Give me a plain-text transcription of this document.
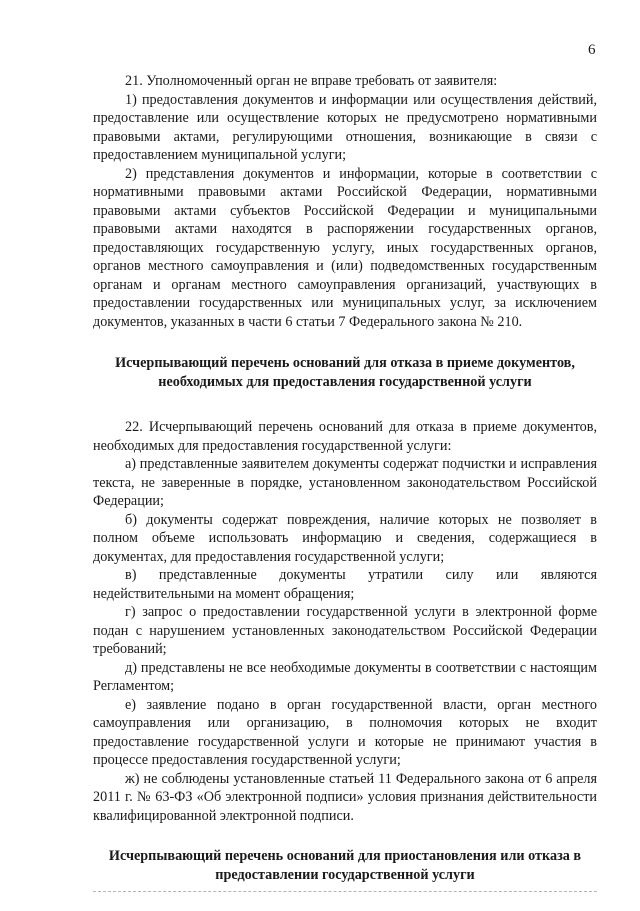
6

21. Уполномоченный орган не вправе требовать от заявителя:

1) предоставления документов и информации или осуществления действий, предоставление или осуществление которых не предусмотрено нормативными правовыми актами, регулирующими отношения, возникающие в связи с предоставлением муниципальной услуги;

2) представления документов и информации, которые в соответствии с нормативными правовыми актами Российской Федерации, нормативными правовыми актами субъектов Российской Федерации и муниципальными правовыми актами находятся в распоряжении государственных органов, предоставляющих государственную услугу, иных государственных органов, органов местного самоуправления и (или) подведомственных государственным органам и органам местного самоуправления организаций, участвующих в предоставлении государственных или муниципальных услуг, за исключением документов, указанных в части 6 статьи 7 Федерального закона № 210.

Исчерпывающий перечень оснований для отказа в приеме документов, необходимых для предоставления государственной услуги

22. Исчерпывающий перечень оснований для отказа в приеме документов, необходимых для предоставления государственной услуги:

а) представленные заявителем документы содержат подчистки и исправления текста, не заверенные в порядке, установленном законодательством Российской Федерации;

б) документы содержат повреждения, наличие которых не позволяет в полном объеме использовать информацию и сведения, содержащиеся в документах, для предоставления государственной услуги;

в) представленные документы утратили силу или являются недействительными на момент обращения;

г) запрос о предоставлении государственной услуги в электронной форме подан с нарушением установленных законодательством Российской Федерации требований;

д) представлены не все необходимые документы в соответствии с настоящим Регламентом;

е) заявление подано в орган государственной власти, орган местного самоуправления или организацию, в полномочия которых не входит предоставление государственной услуги и которые не принимают участия в процессе предоставления государственной услуги;

ж) не соблюдены установленные статьей 11 Федерального закона от 6 апреля 2011 г. № 63-ФЗ «Об электронной подписи» условия признания действительности квалифицированной электронной подписи.

Исчерпывающий перечень оснований для приостановления или отказа в предоставлении государственной услуги
